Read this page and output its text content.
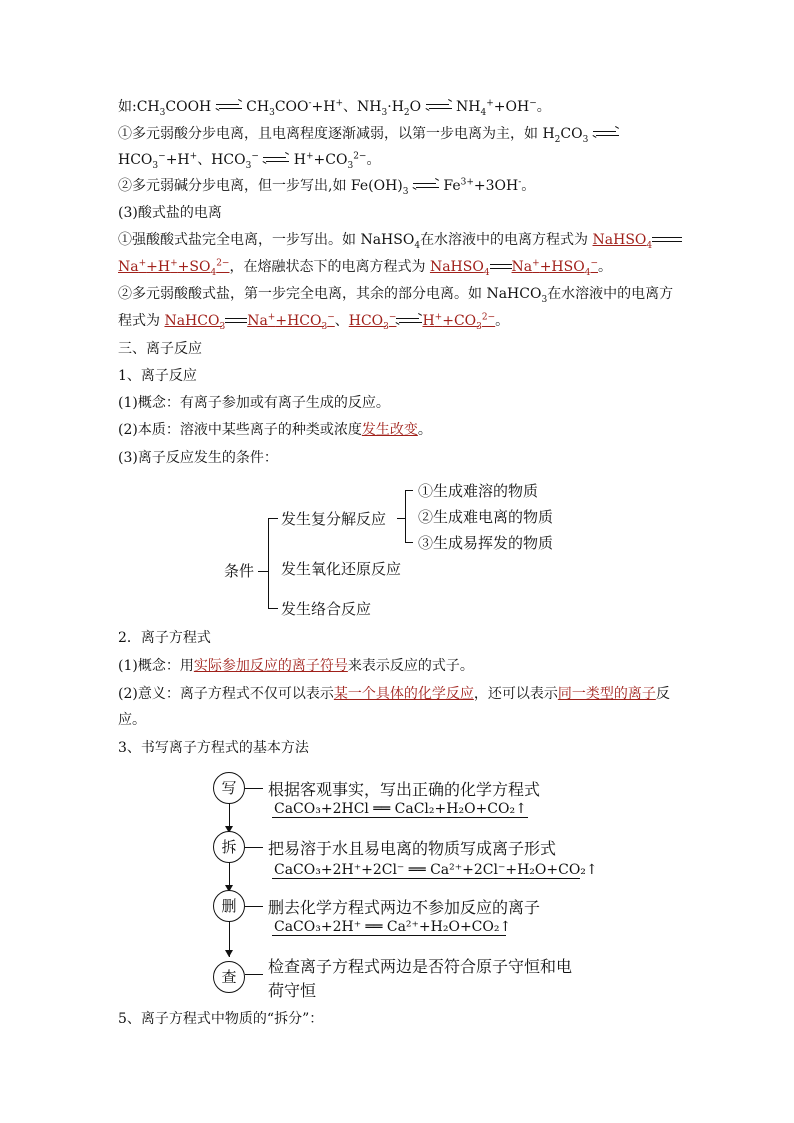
如$:CH_3COOH$ $CH_3COO^-+H^+$、$NH_3\cdot H_2O$ $NH_4^++OH^-$。
①多元弱酸分步电离，且电离程度逐渐减弱，以第一步电离为主，如 $H_2CO_3$
$HCO_3^-+H^+$、$HCO_3^-$ $H^++CO_3^{2-}$。
②多元弱碱分步电离，但一步写出,如 $Fe(OH)_3$ $Fe^{3+}+3OH^-$。
(3)酸式盐的电离
①强酸酸式盐完全电离，一步写出。如 NaHSO$_4$在水溶液中的电离方程式为 NaHSO$_4$
$Na^++H^++SO_4^{2-}$，在熔融状态下的电离方程式为 NaHSO$_4$ $Na^++HSO_4^-$。
②多元弱酸酸式盐，第一步完全电离，其余的部分电离。如 NaHCO$_3$在水溶液中的电离方
程式为 NaHCO$_3$ $Na^++HCO_3^-$、$HCO_3^-$ $H^++CO_3^{2-}$。
三、离子反应
1、离子反应
(1)概念：有离子参加或有离子生成的反应。
(2)本质：溶液中某些离子的种类或浓度发生改变。
(3)离子反应发生的条件：
条件
发生复分解反应
发生氧化还原反应
发生络合反应
①生成难溶的物质
②生成难电离的物质
③生成易挥发的物质
2．离子方程式
(1)概念：用实际参加反应的离子符号来表示反应的式子。
(2)意义：离子方程式不仅可以表示某一个具体的化学反应，还可以表示同一类型的离子反
应。
3、书写离子方程式的基本方法
写	根据客观事实，写出正确的化学方程式
CaCO₃+2HCl ══ CaCl₂+H₂O+CO₂↑
拆	把易溶于水且易电离的物质写成离子形式
CaCO₃+2H⁺+2Cl⁻ ══ Ca²⁺+2Cl⁻+H₂O+CO₂↑
删	删去化学方程式两边不参加反应的离子
CaCO₃+2H⁺ ══ Ca²⁺+H₂O+CO₂↑
查
检查离子方程式两边是否符合原子守恒和电
荷守恒
5、离子方程式中物质的“拆分”：
